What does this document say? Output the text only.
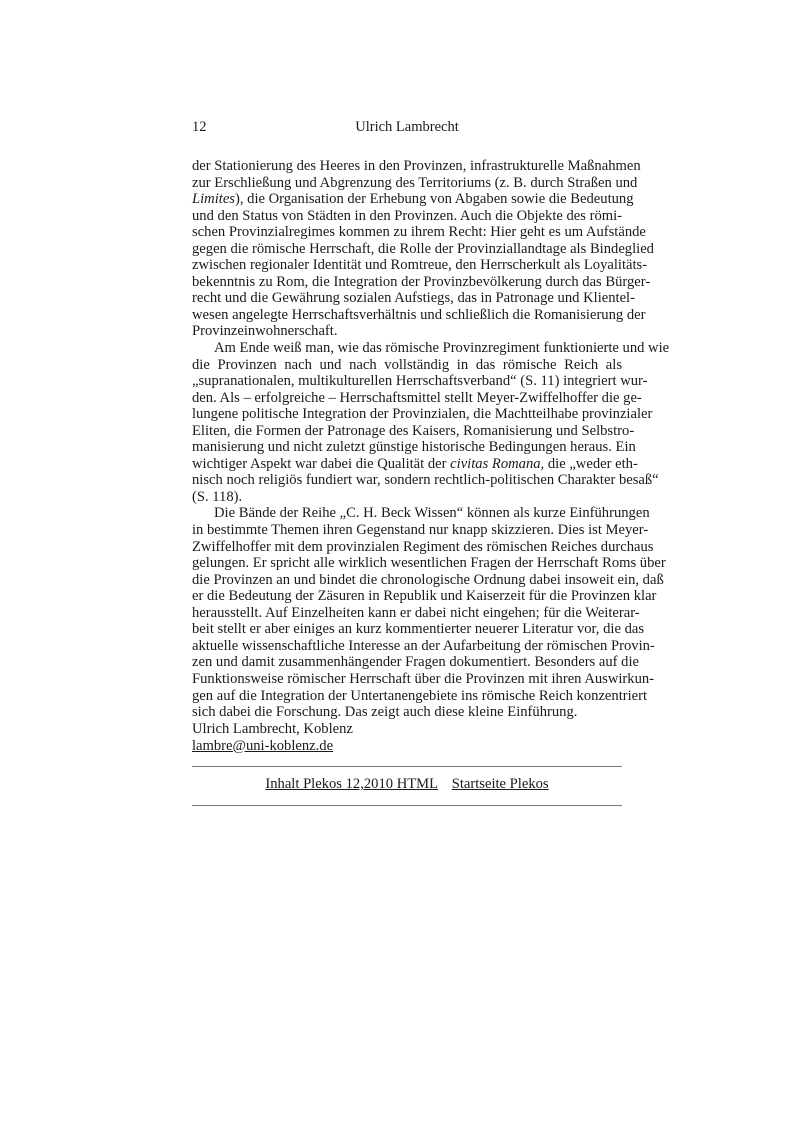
12	Ulrich Lambrecht
der Stationierung des Heeres in den Provinzen, infrastrukturelle Maßnahmen
zur Erschließung und Abgrenzung des Territoriums (z. B. durch Straßen und
Limites), die Organisation der Erhebung von Abgaben sowie die Bedeutung
und den Status von Städten in den Provinzen. Auch die Objekte des römi-
schen Provinzialregimes kommen zu ihrem Recht: Hier geht es um Aufstände
gegen die römische Herrschaft, die Rolle der Provinziallandtage als Bindeglied
zwischen regionaler Identität und Romtreue, den Herrscherkult als Loyalitäts-
bekenntnis zu Rom, die Integration der Provinzbevölkerung durch das Bürger-
recht und die Gewährung sozialen Aufstiegs, das in Patronage und Klientel-
wesen angelegte Herrschaftsverhältnis und schließlich die Romanisierung der
Provinzeinwohnerschaft.
Am Ende weiß man, wie das römische Provinzregiment funktionierte und wie
die Provinzen nach und nach vollständig in das römische Reich als
„supranationalen, multikulturellen Herrschaftsverband“ (S. 11) integriert wur-
den. Als – erfolgreiche – Herrschaftsmittel stellt Meyer-Zwiffelhoffer die ge-
lungene politische Integration der Provinzialen, die Machtteilhabe provinzialer
Eliten, die Formen der Patronage des Kaisers, Romanisierung und Selbstro-
manisierung und nicht zuletzt günstige historische Bedingungen heraus. Ein
wichtiger Aspekt war dabei die Qualität der civitas Romana, die „weder eth-
nisch noch religiös fundiert war, sondern rechtlich-politischen Charakter besaß“
(S. 118).
Die Bände der Reihe „C. H. Beck Wissen“ können als kurze Einführungen
in bestimmte Themen ihren Gegenstand nur knapp skizzieren. Dies ist Meyer-
Zwiffelhoffer mit dem provinzialen Regiment des römischen Reiches durchaus
gelungen. Er spricht alle wirklich wesentlichen Fragen der Herrschaft Roms über
die Provinzen an und bindet die chronologische Ordnung dabei insoweit ein, daß
er die Bedeutung der Zäsuren in Republik und Kaiserzeit für die Provinzen klar
herausstellt. Auf Einzelheiten kann er dabei nicht eingehen; für die Weiterar-
beit stellt er aber einiges an kurz kommentierter neuerer Literatur vor, die das
aktuelle wissenschaftliche Interesse an der Aufarbeitung der römischen Provin-
zen und damit zusammenhängender Fragen dokumentiert. Besonders auf die
Funktionsweise römischer Herrschaft über die Provinzen mit ihren Auswirkun-
gen auf die Integration der Untertanengebiete ins römische Reich konzentriert
sich dabei die Forschung. Das zeigt auch diese kleine Einführung.
Ulrich Lambrecht, Koblenz
lambre@uni-koblenz.de
Inhalt Plekos 12,2010 HTML Startseite Plekos
